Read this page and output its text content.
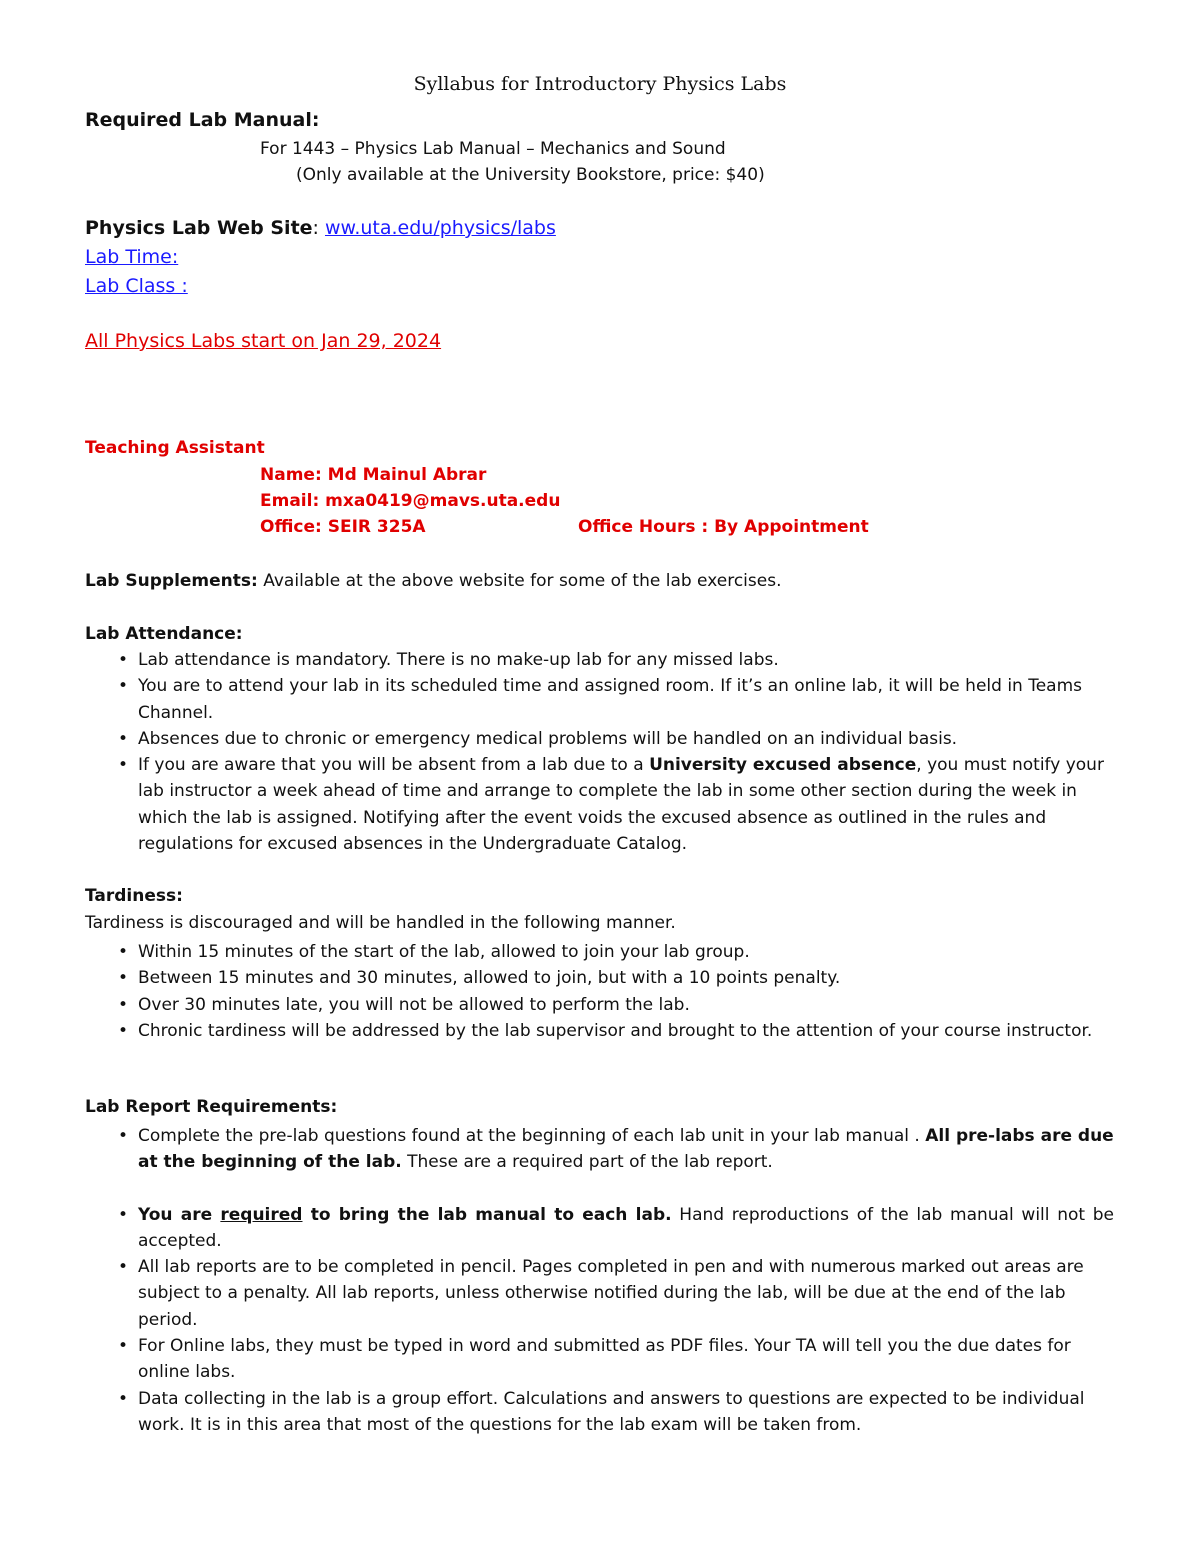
Syllabus for Introductory Physics Labs
Required Lab Manual:
For 1443 – Physics Lab Manual – Mechanics and Sound
(Only available at the University Bookstore, price: $40)
Physics Lab Web Site: ww.uta.edu/physics/labs
Lab Time:
Lab Class :
All Physics Labs start on Jan 29, 2024
Teaching Assistant
Name: Md Mainul Abrar
Email: mxa0419@mavs.uta.edu
Office: SEIR 325A	Office Hours : By Appointment
Lab Supplements: Available at the above website for some of the lab exercises.
Lab Attendance:
• Lab attendance is mandatory. There is no make-up lab for any missed labs.
• You are to attend your lab in its scheduled time and assigned room. If it’s an online lab, it will be held in Teams Channel.
• Absences due to chronic or emergency medical problems will be handled on an individual basis.
• If you are aware that you will be absent from a lab due to a University excused absence, you must notify your lab instructor a week ahead of time and arrange to complete the lab in some other section during the week in which the lab is assigned. Notifying after the event voids the excused absence as outlined in the rules and regulations for excused absences in the Undergraduate Catalog.
Tardiness:
Tardiness is discouraged and will be handled in the following manner.
• Within 15 minutes of the start of the lab, allowed to join your lab group.
• Between 15 minutes and 30 minutes, allowed to join, but with a 10 points penalty.
• Over 30 minutes late, you will not be allowed to perform the lab.
• Chronic tardiness will be addressed by the lab supervisor and brought to the attention of your course instructor.
Lab Report Requirements:
• Complete the pre-lab questions found at the beginning of each lab unit in your lab manual . All pre-labs are due at the beginning of the lab. These are a required part of the lab report.
• You are required to bring the lab manual to each lab. Hand reproductions of the lab manual will not be accepted.
• All lab reports are to be completed in pencil. Pages completed in pen and with numerous marked out areas are subject to a penalty. All lab reports, unless otherwise notified during the lab, will be due at the end of the lab period.
• For Online labs, they must be typed in word and submitted as PDF files. Your TA will tell you the due dates for online labs.
• Data collecting in the lab is a group effort. Calculations and answers to questions are expected to be individual work. It is in this area that most of the questions for the lab exam will be taken from.
